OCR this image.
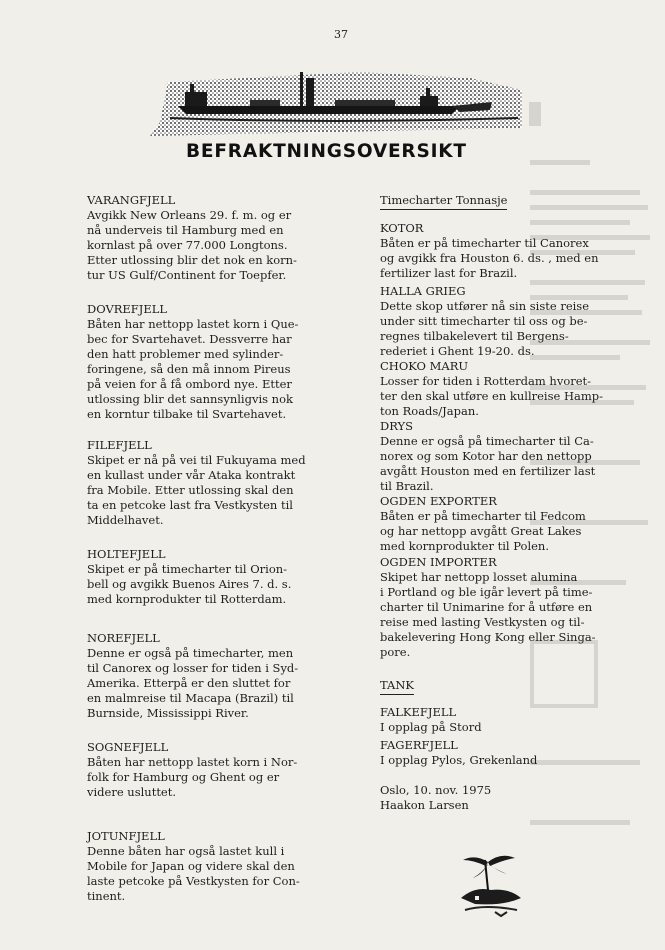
37
BEFRAKTNINGSOVERSIKT
VARANGFJELL
Avgikk New Orleans 29. f. m. og er
nå underveis til Hamburg med en
kornlast på over 77.000 Longtons.
Etter utlossing blir det nok en korn-
tur US Gulf/Continent for Toepfer.
DOVREFJELL
Båten har nettopp lastet korn i Que-
bec for Svartehavet. Dessverre har
den hatt problemer med sylinder-
foringene, så den må innom Pireus
på veien for å få ombord nye. Etter
utlossing blir det sannsynligvis nok
en korntur tilbake til Svartehavet.
FILEFJELL
Skipet er nå på vei til Fukuyama med
en kullast under vår Ataka kontrakt
fra Mobile. Etter utlossing skal den
ta en petcoke last fra Vestkysten til
Middelhavet.
HOLTEFJELL
Skipet er på timecharter til Orion-
bell og avgikk Buenos Aires 7. d. s.
med kornprodukter til Rotterdam.
NOREFJELL
Denne er også på timecharter, men
til Canorex og losser for tiden i Syd-
Amerika. Etterpå er den sluttet for
en malmreise til Macapa (Brazil) til
Burnside, Mississippi River.
SOGNEFJELL
Båten har nettopp lastet korn i Nor-
folk for Hamburg og Ghent og er
videre usluttet.
JOTUNFJELL
Denne båten har også lastet kull i
Mobile for Japan og videre skal den
laste petcoke på Vestkysten for Con-
tinent.
Timecharter Tonnasje
KOTOR
Båten er på timecharter til Canorex
og avgikk fra Houston 6. ds. , med en
fertilizer last for Brazil.
HALLA GRIEG
Dette skop utfører nå sin siste reise
under sitt timecharter til oss og be-
regnes tilbakelevert til Bergens-
rederiet i Ghent 19-20. ds.
CHOKO MARU
Losser for tiden i Rotterdam hvoret-
ter den skal utføre en kullreise Hamp-
ton Roads/Japan.
DRYS
Denne er også på timecharter til Ca-
norex og som Kotor har den nettopp
avgått Houston med en fertilizer last
til Brazil.
OGDEN EXPORTER
Båten er på timecharter til Fedcom
og har nettopp avgått Great Lakes
med kornprodukter til Polen.
OGDEN IMPORTER
Skipet har nettopp losset alumina
i Portland og ble igår levert på time-
charter til Unimarine for å utføre en
reise med lasting Vestkysten og til-
bakelevering Hong Kong eller Singa-
pore.
TANK
FALKEFJELL
I opplag på Stord
FAGERFJELL
I opplag Pylos, Grekenland
Oslo, 10. nov. 1975
Haakon Larsen
